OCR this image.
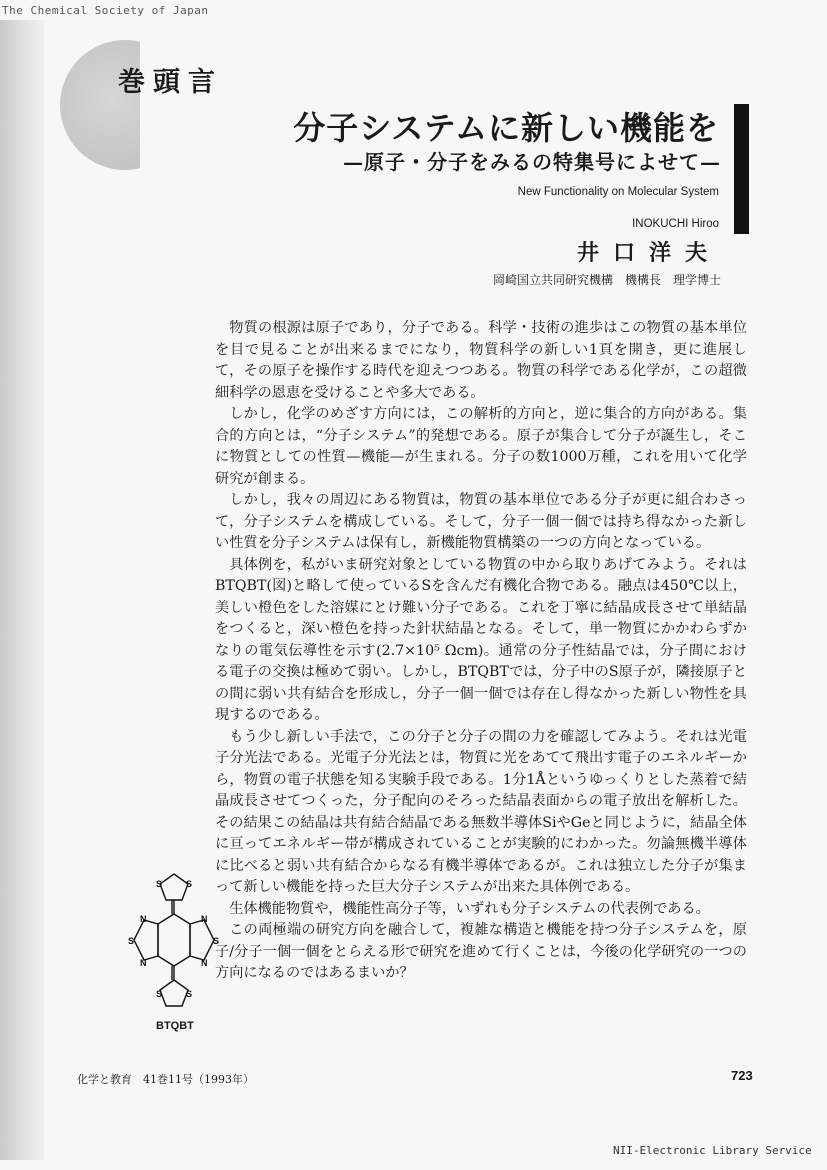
The Chemical Society of Japan
巻頭言
分子システムに新しい機能を
—原子・分子をみるの特集号によせて—
New Functionality on Molecular System
INOKUCHI Hiroo
井口洋夫
岡崎国立共同研究機構　機構長　理学博士

物質の根源は原子であり，分子である。科学・技術の進歩はこの物質の基本単位を目で見ることが出来るまでになり，物質科学の新しい1頁を開き，更に進展して，その原子を操作する時代を迎えつつある。物質の科学である化学が，この超微細科学の恩恵を受けることや多大である。

しかし，化学のめざす方向には，この解析的方向と，逆に集合的方向がある。集合的方向とは，“分子システム”的発想である。原子が集合して分子が誕生し，そこに物質としての性質—機能—が生まれる。分子の数1000万種，これを用いて化学研究が創まる。

しかし，我々の周辺にある物質は，物質の基本単位である分子が更に組合わさって，分子システムを構成している。そして，分子一個一個では持ち得なかった新しい性質を分子システムは保有し，新機能物質構築の一つの方向となっている。

具体例を，私がいま研究対象としている物質の中から取りあげてみよう。それはBTQBT(図)と略して使っているSを含んだ有機化合物である。融点は450℃以上，美しい橙色をした溶媒にとけ難い分子である。これを丁寧に結晶成長させて単結晶をつくると，深い橙色を持った針状結晶となる。そして，単一物質にかかわらずかなりの電気伝導性を示す(2.7×10⁵ Ωcm)。通常の分子性結晶では，分子間における電子の交換は極めて弱い。しかし，BTQBTでは，分子中のS原子が，隣接原子との間に弱い共有結合を形成し，分子一個一個では存在し得なかった新しい物性を具現するのである。

もう少し新しい手法で，この分子と分子の間の力を確認してみよう。それは光電子分光法である。光電子分光法とは，物質に光をあてて飛出す電子のエネルギーから，物質の電子状態を知る実験手段である。1分1Åというゆっくりとした蒸着で結晶成長させてつくった，分子配向のそろった結晶表面からの電子放出を解析した。その結果この結晶は共有結合結晶である無数半導体SiやGeと同じように，結晶全体に亘ってエネルギー帯が構成されていることが実験的にわかった。勿論無機半導体に比べると弱い共有結合からなる有機半導体であるが。これは独立した分子が集まって新しい機能を持った巨大分子システムが出来た具体例である。

生体機能物質や，機能性高分子等，いずれも分子システムの代表例である。

この両極端の研究方向を融合して，複雑な構造と機能を持つ分子システムを，原子/分子一個一個をとらえる形で研究を進めて行くことは，今後の化学研究の一つの方向になるのではあるまいか？

S	S
N	N
S	S
N	N
S	S
BTQBT
化学と教育　41巻11号（1993年）	723
NII-Electronic Library Service
